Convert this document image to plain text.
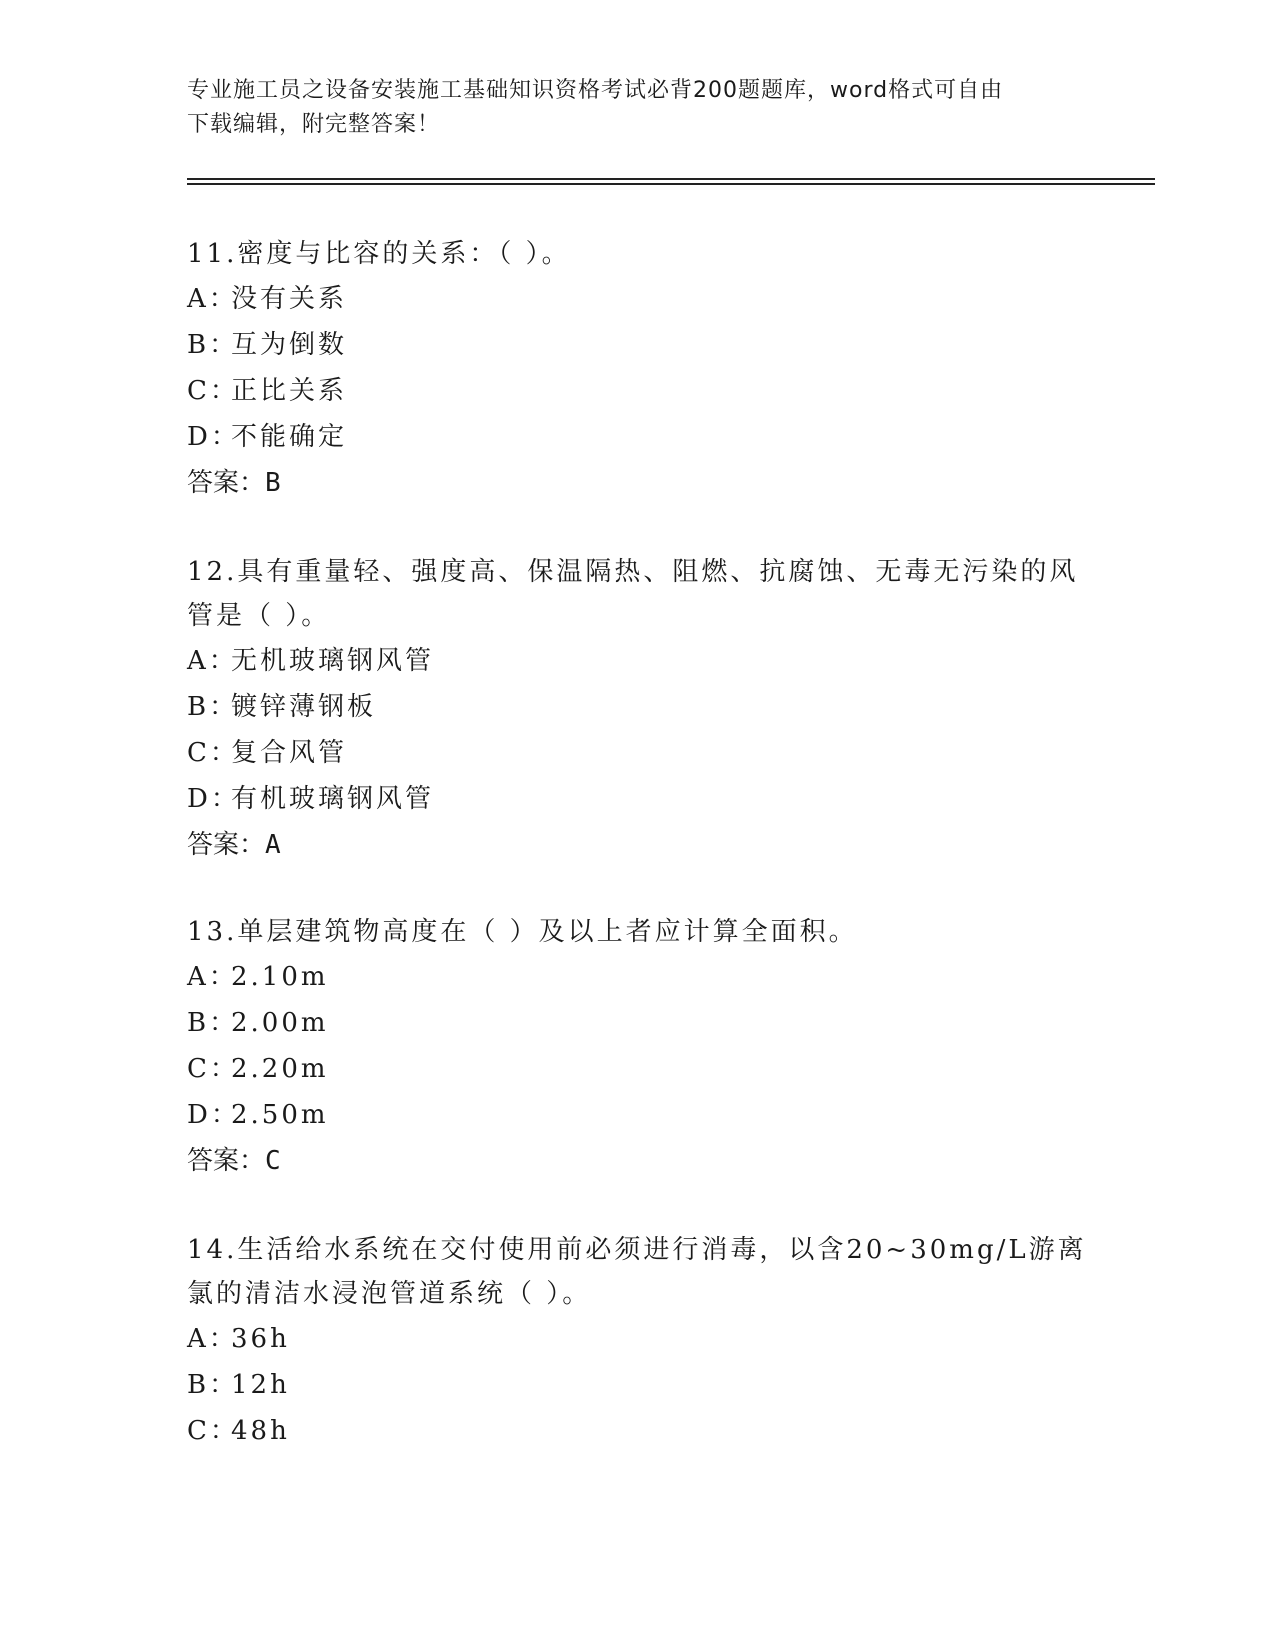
专业施工员之设备安装施工基础知识资格考试必背200题题库，word格式可自由
下载编辑，附完整答案！
11.密度与比容的关系：（ ）。
A：没有关系
B：互为倒数
C：正比关系
D：不能确定
答案：B
12.具有重量轻、强度高、保温隔热、阻燃、抗腐蚀、无毒无污染的风管是（ ）。
A：无机玻璃钢风管
B：镀锌薄钢板
C：复合风管
D：有机玻璃钢风管
答案：A
13.单层建筑物高度在（ ）及以上者应计算全面积。
A：2.10m
B：2.00m
C：2.20m
D：2.50m
答案：C
14.生活给水系统在交付使用前必须进行消毒，以含20~30mg/L游离氯的清洁水浸泡管道系统（ ）。
A：36h
B：12h
C：48h
